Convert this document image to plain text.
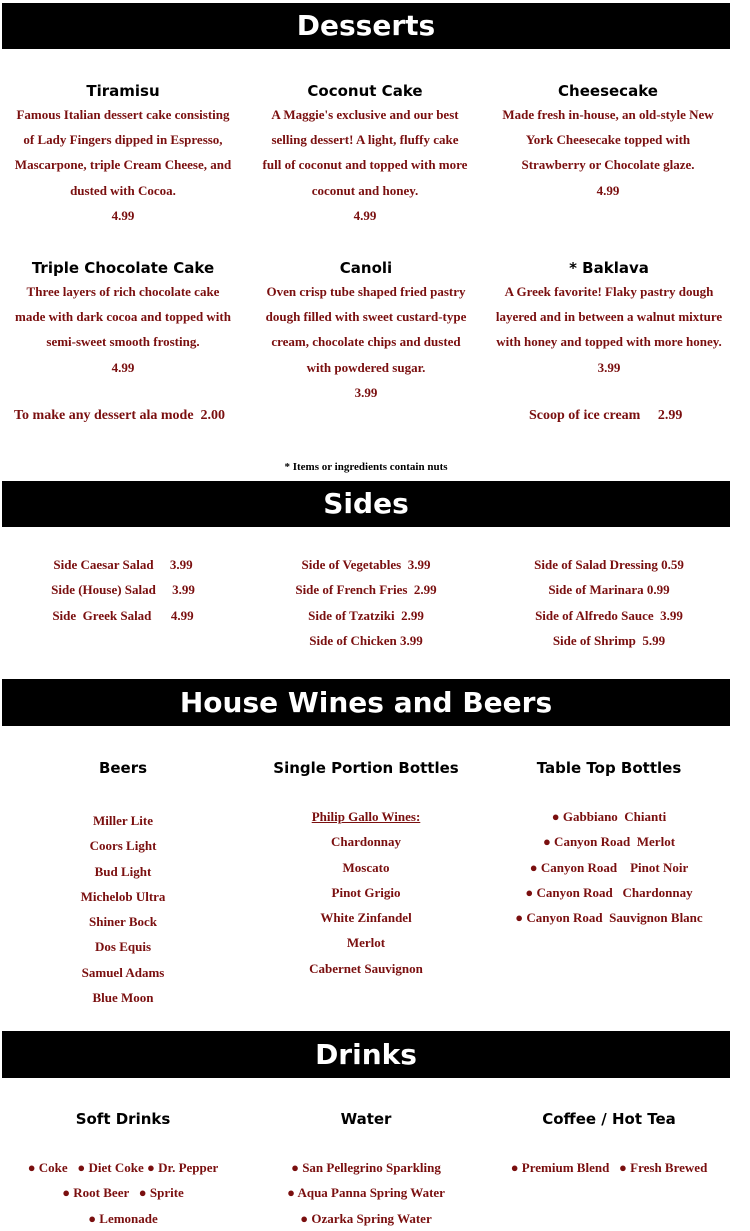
Desserts
Tiramisu
Famous Italian dessert cake consisting of Lady Fingers dipped in Espresso, Mascarpone, triple Cream Cheese, and dusted with Cocoa.
4.99
Coconut Cake
A Maggie's exclusive and our best selling dessert! A light, fluffy cake full of coconut and topped with more coconut and honey.
4.99
Cheesecake
Made fresh in-house, an old-style New York Cheesecake topped with Strawberry or Chocolate glaze.
4.99
Triple Chocolate Cake
Three layers of rich chocolate cake made with dark cocoa and topped with semi-sweet smooth frosting.
4.99
Canoli
Oven crisp tube shaped fried pastry dough filled with sweet custard-type cream, chocolate chips and dusted with powdered sugar.
3.99
* Baklava
A Greek favorite! Flaky pastry dough layered and in between a walnut mixture with honey and topped with more honey.
3.99
To make any dessert ala mode  2.00	Scoop of ice cream     2.99
* Items or ingredients contain nuts
Sides
Side Caesar Salad     3.99
Side (House) Salad     3.99
Side  Greek Salad      4.99
Side of Vegetables  3.99
Side of French Fries  2.99
Side of Tzatziki  2.99
Side of Chicken 3.99
Side of Salad Dressing 0.59
Side of Marinara 0.99
Side of Alfredo Sauce  3.99
Side of Shrimp  5.99
House Wines and Beers
Beers
Miller Lite
Coors Light
Bud Light
Michelob Ultra
Shiner Bock
Dos Equis
Samuel Adams
Blue Moon
Single Portion Bottles
Philip Gallo Wines:
Chardonnay
Moscato
Pinot Grigio
White Zinfandel
Merlot
Cabernet Sauvignon
Table Top Bottles
● Gabbiano  Chianti
● Canyon Road  Merlot
● Canyon Road    Pinot Noir
● Canyon Road   Chardonnay
● Canyon Road  Sauvignon Blanc
Drinks
Soft Drinks
● Coke   ● Diet Coke ● Dr. Pepper
● Root Beer   ● Sprite
● Lemonade
Water
● San Pellegrino Sparkling
● Aqua Panna Spring Water
● Ozarka Spring Water
Coffee / Hot Tea
● Premium Blend   ● Fresh Brewed
